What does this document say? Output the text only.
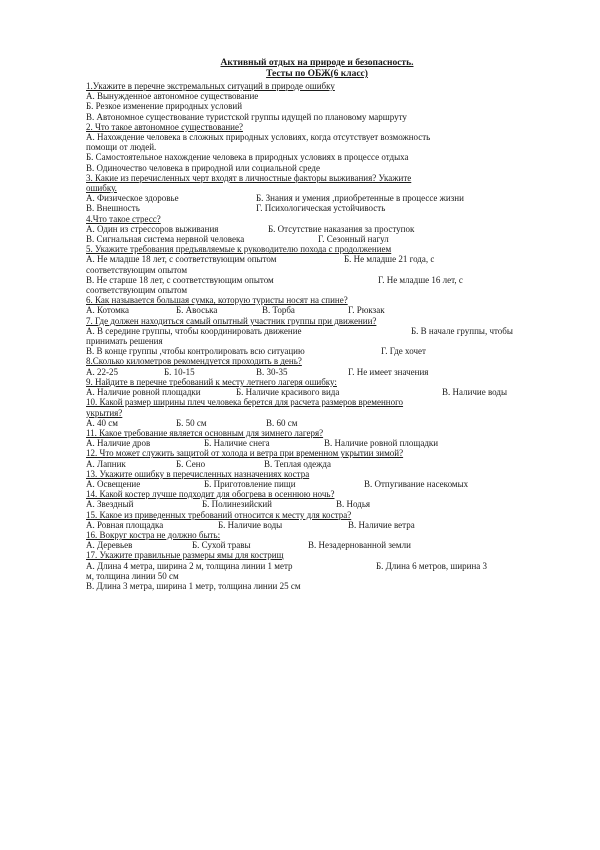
Активный отдых на природе и безопасность.
Тесты по ОБЖ(6 класс)
1.Укажите в перечне экстремальных ситуаций в природе ошибку
А. Вынужденное автономное существование
Б. Резкое изменение природных условий
В. Автономное существование туристской группы идущей по плановому маршруту
2. Что такое автономное существование?
А. Нахождение человека в сложных природных условиях, когда отсутствует возможность
помощи от людей.
Б. Самостоятельное нахождение человека в природных условиях в процессе отдыха
В. Одиночество человека в природной или социальной среде
3. Какие из перечисленных черт входят в личностные факторы выживания? Укажите
ошибку.
А. Физическое здоровье	Б. Знания и умения ,приобретенные в процессе жизни
В. Внешность	Г. Психологическая устойчивость
4.Что такое стресс?
А. Один из стрессоров выживания	Б. Отсутствие наказания за проступок
В. Сигнальная система нервной человека	Г. Сезонный нагул
5. Укажите требования предъявляемые к руководителю похода с продолжением
А. Не младше 18 лет, с соответствующим опытом	Б. Не младше 21 года, с
соответствующим опытом
В. Не старше 18 лет, с соответствующим опытом	Г. Не младше 16 лет, с
соответствующим опытом
6. Как называется большая сумка, которую туристы носят на спине?
А. Котомка	Б. Авоська	В. Торба	Г. Рюкзак
7. Где должен находиться самый опытный участник группы при движении?
А. В середине группы, чтобы координировать движение	Б. В начале группы, чтобы
принимать решения
В. В конце группы ,чтобы контролировать всю ситуацию	Г. Где хочет
8.Сколько километров рекомендуется проходить в день?
А. 22-25	Б. 10-15	В. 30-35	Г. Не имеет значения
9. Найдите в перечне требований к месту летнего лагеря ошибку:
А. Наличие ровной площадки	Б. Наличие красивого вида	В. Наличие воды
10. Какой размер ширины плеч человека берется для расчета размеров временного
укрытия?
А. 40 см	Б. 50 см	В. 60 см
11. Какое требование является основным для зимнего лагеря?
А. Наличие дров	Б. Наличие снега	В. Наличие ровной площадки
12. Что может служить защитой от холода и ветра при временном укрытии зимой?
А. Лапник	Б. Сено	В. Теплая одежда
13. Укажите ошибку в перечисленных назначениях костра
А. Освещение	Б. Приготовление пищи	В. Отпугивание насекомых
14. Какой костер лучше подходит для обогрева в осеннюю ночь?
А. Звездный	Б. Полинезийский	В. Нодья
15. Какое из приведенных требований относится к месту для костра?
А. Ровная площадка	Б. Наличие воды	В. Наличие ветра
16. Вокруг костра не должно быть:
А. Деревьев	Б. Сухой травы	В. Незадернованной земли
17. Укажите правильные размеры ямы для кострищ
А. Длина 4 метра, ширина 2 м, толщина линии 1 метр	Б. Длина 6 метров, ширина 3
м, толщина линии 50 см
В. Длина 3 метра, ширина 1 метр, толщина линии 25 см
